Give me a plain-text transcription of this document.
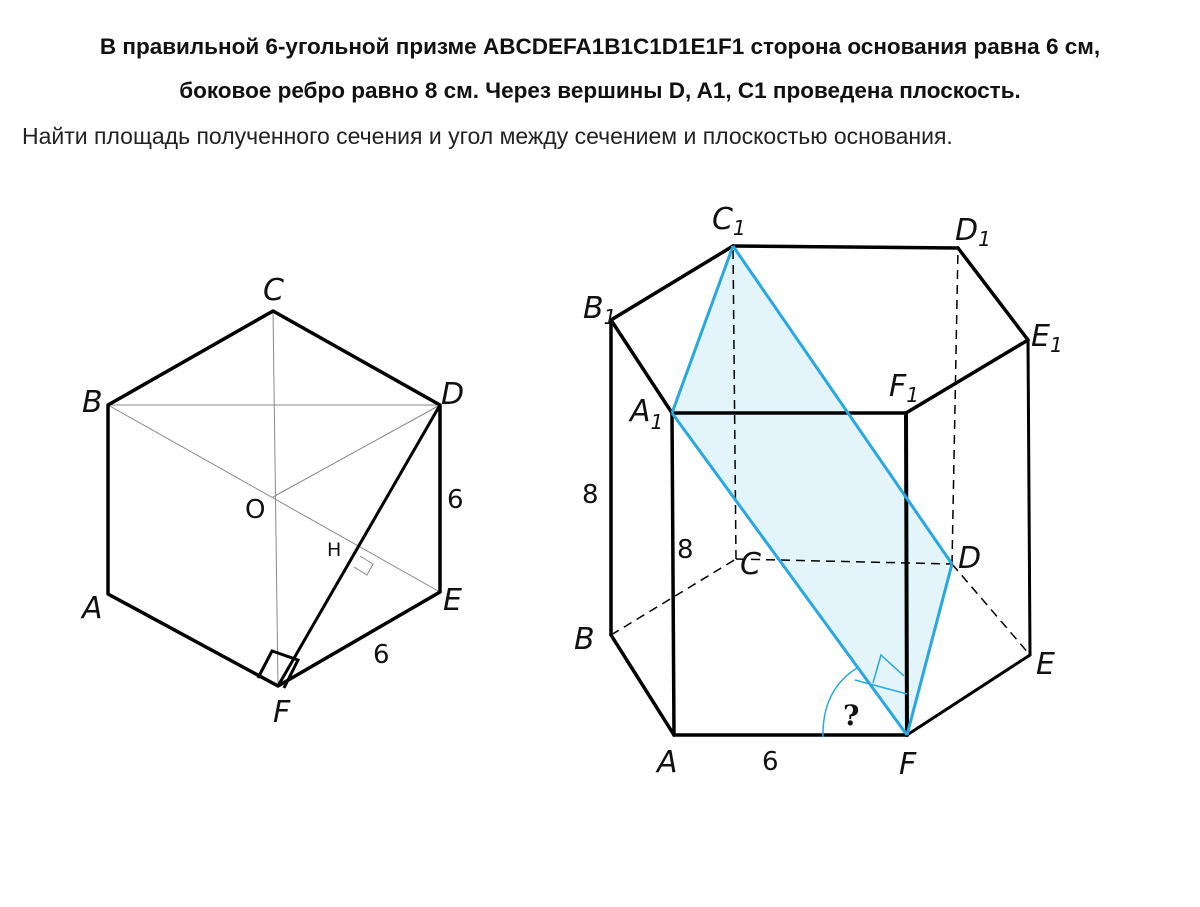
В правильной 6-угольной призме ABCDEFA1B1C1D1E1F1 сторона основания равна 6 см,
боковое ребро равно 8 см. Через вершины D, A1, C1 проведена плоскость.
Найти площадь полученного сечения и угол между сечением и плоскостью основания.
A
B
C
D
E
F
O
H
6
6
?
A
B
C	D
E
F
$A_1$
$B_1$
$C_1$	$D_1$
$E_1$
$F_1$
8
8
6
